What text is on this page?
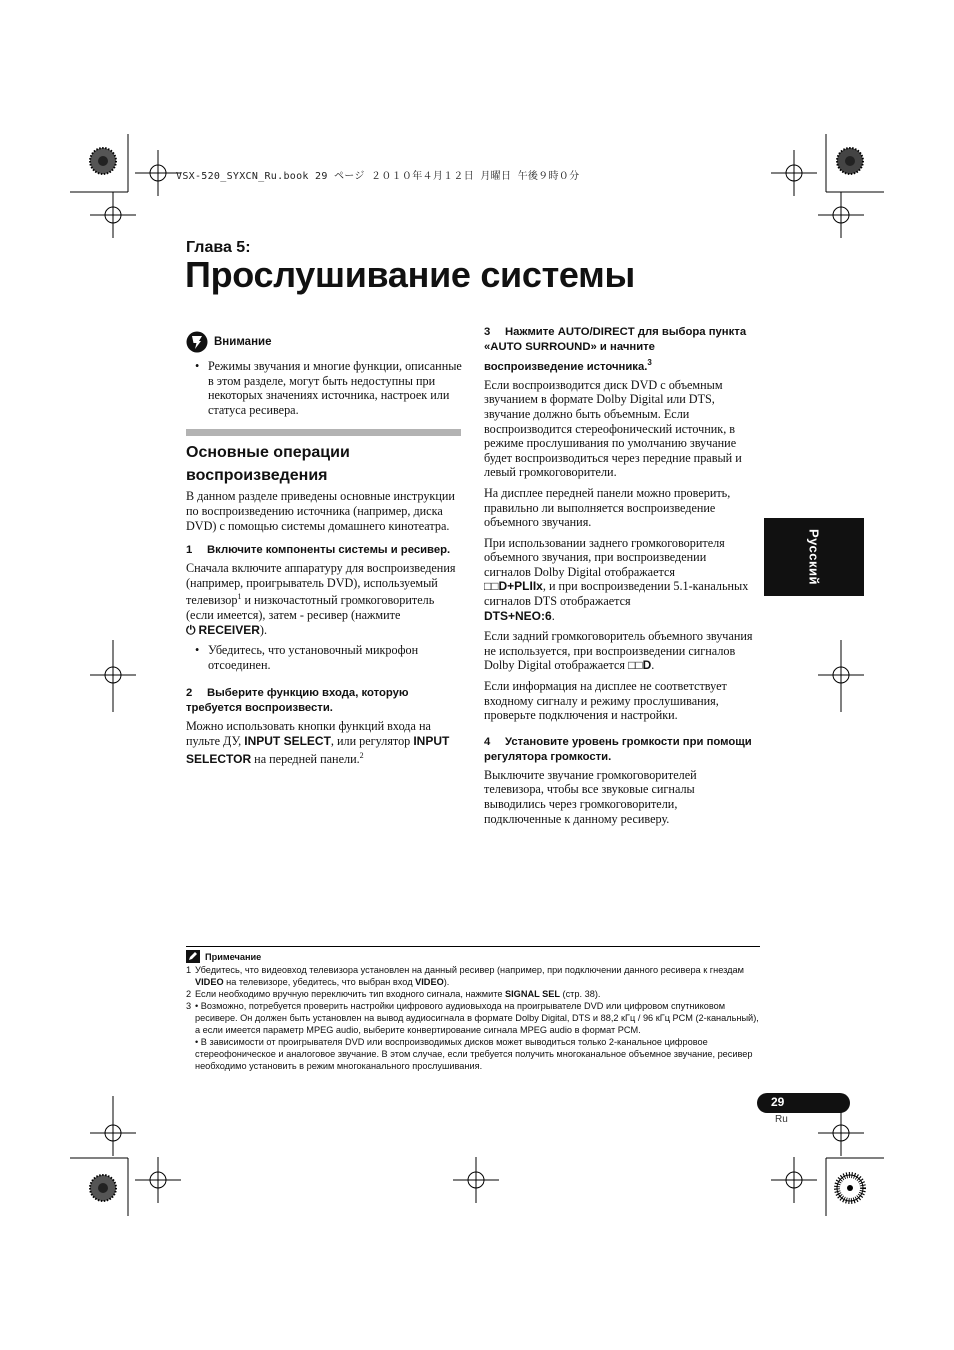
VSX-520_SYXCN_Ru.book 29 ページ ２０１０年４月１２日 月曜日 午後９時０分
Глава 5:
Прослушивание системы
Внимание

• Режимы звучания и многие функции, описанные в этом разделе, могут быть недоступны при некоторых значениях источника, настроек или статуса ресивера.

Основные операции
воспроизведения

В данном разделе приведены основные инструкции по воспроизведению источника (например, диска DVD) с помощью системы домашнего кинотеатра.

1 Включите компоненты системы и ресивер.

Сначала включите аппаратуру для воспроизведения (например, проигрыватель DVD), используемый телевизор$^1$ и низкочастотный громкоговоритель (если имеется), затем - ресивер (нажмите
⏻ RECEIVER).

• Убедитесь, что установочный микрофон отсоединен.

2 Выберите функцию входа, которую требуется воспроизвести.

Можно использовать кнопки функций входа на пульте ДУ, INPUT SELECT, или регулятор INPUT SELECTOR на передней панели.$^2$

3 Нажмите AUTO/DIRECT для выбора пункта «AUTO SURROUND» и начните воспроизведение источника.$^3$

Если воспроизводится диск DVD с объемным звучанием в формате Dolby Digital или DTS, звучание должно быть объемным. Если воспроизводится стереофонический источник, в режиме прослушивания по умолчанию звучание будет воспроизводиться через передние правый и левый громкоговорители.

На дисплее передней панели можно проверить, правильно ли выполняется воспроизведение объемного звучания.

При использовании заднего громкоговорителя объемного звучания, при воспроизведении сигналов Dolby Digital отображается
□□D+PLIIx, и при воспроизведении 5.1-канальных сигналов DTS отображается
DTS+NEO:6.

Если задний громкоговоритель объемного звучания не используется, при воспроизведении сигналов Dolby Digital отображается □□D.

Если информация на дисплее не соответствует входному сигналу и режиму прослушивания, проверьте подключения и настройки.

4 Установите уровень громкости при помощи регулятора громкости.

Выключите звучание громкоговорителей телевизора, чтобы все звуковые сигналы выводились через громкоговорители, подключенные к данному ресиверу.

Русский
Примечание
1 Убедитесь, что видеовход телевизора установлен на данный ресивер (например, при подключении данного ресивера к гнездам VIDEO на телевизоре, убедитесь, что выбран вход VIDEO).
2 Если необходимо вручную переключить тип входного сигнала, нажмите SIGNAL SEL (стр. 38).
3 • Возможно, потребуется проверить настройки цифрового аудиовыхода на проигрывателе DVD или цифровом спутниковом ресивере. Он должен быть установлен на вывод аудиосигнала в формате Dolby Digital, DTS и 88,2 кГц / 96 кГц PCM (2-канальный), а если имеется параметр MPEG audio, выберите конвертирование сигнала MPEG audio в формат PCM.
• В зависимости от проигрывателя DVD или воспроизводимых дисков может выводиться только 2-канальное цифровое стереофоническое и аналоговое звучание. В этом случае, если требуется получить многоканальное объемное звучание, ресивер необходимо установить в режим многоканального прослушивания.
29
Ru
